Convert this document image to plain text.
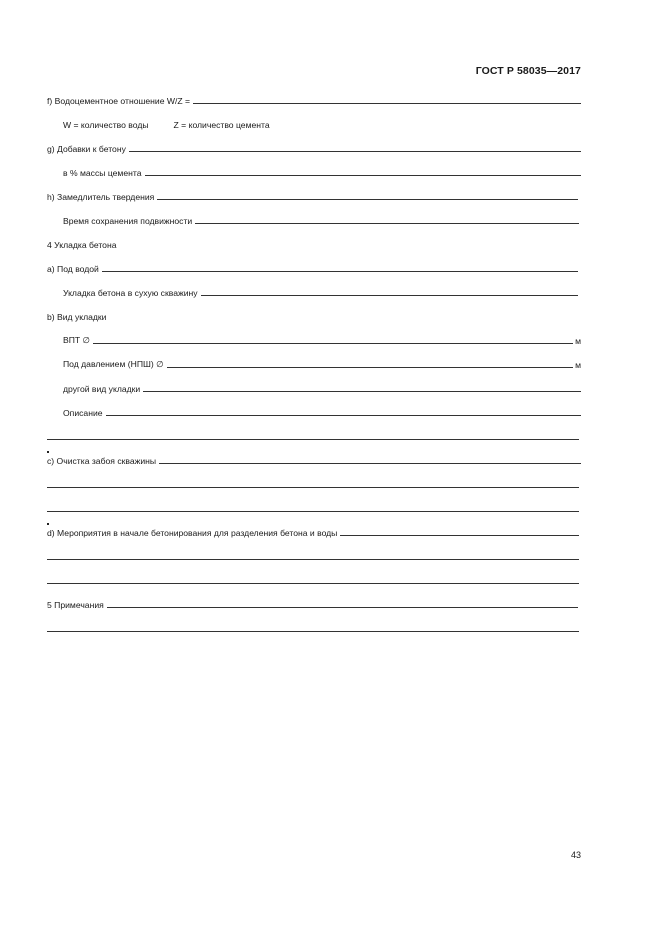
ГОСТ Р 58035—2017
f) Водоцементное отношение W/Z =
W = количество воды	Z = количество цемента
g) Добавки к бетону
в % массы цемента
h) Замедлитель твердения
Время сохранения подвижности
4 Укладка бетона
a) Под водой
Укладка бетона в сухую скважину
b) Вид укладки
ВПТ ∅	м
Под давлением (НПШ) ∅	м
другой вид укладки
Описание
c) Очистка забоя скважины
d) Мероприятия в начале бетонирования для разделения бетона и воды
5 Примечания
43
